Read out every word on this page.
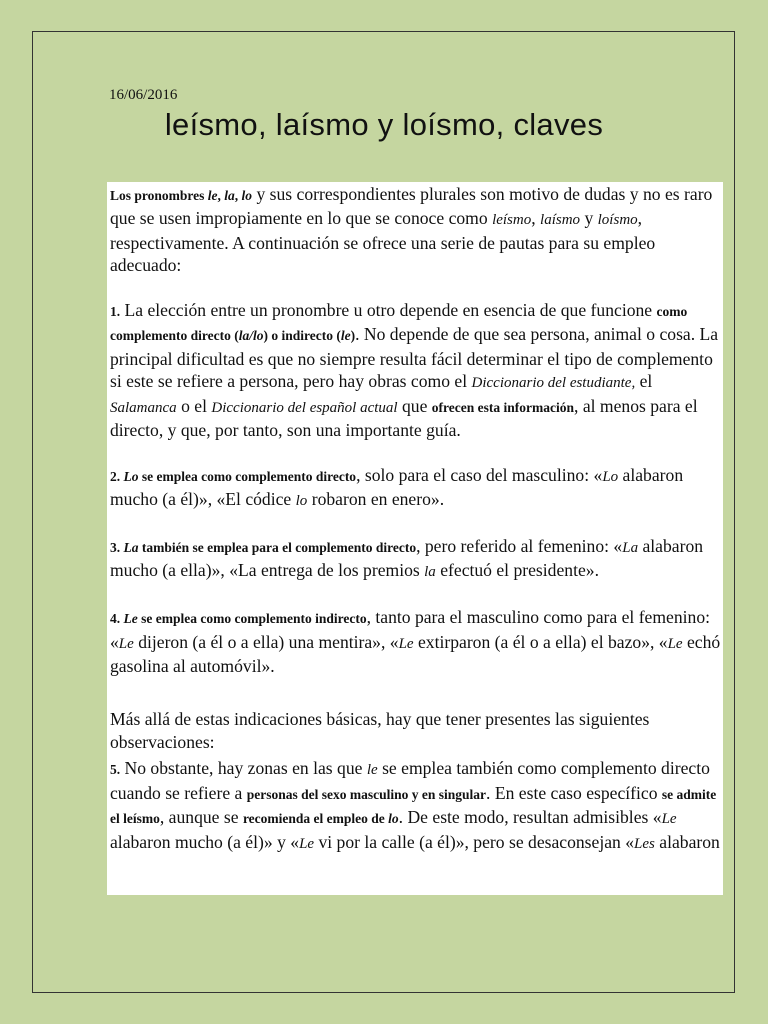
16/06/2016
leísmo, laísmo y loísmo, claves

Los pronombres le, la, lo y sus correspondientes plurales son motivo de dudas y no es raro que se usen impropiamente en lo que se conoce como leísmo, laísmo y loísmo, respectivamente. A continuación se ofrece una serie de pautas para su empleo adecuado:

1. La elección entre un pronombre u otro depende en esencia de que funcione como complemento directo (la/lo) o indirecto (le). No depende de que sea persona, animal o cosa. La principal dificultad es que no siempre resulta fácil determinar el tipo de complemento si este se refiere a persona, pero hay obras como el Diccionario del estudiante, el Salamanca o el Diccionario del español actual que ofrecen esta información, al menos para el directo, y que, por tanto, son una importante guía.

2. Lo se emplea como complemento directo, solo para el caso del masculino: «Lo alabaron mucho (a él)», «El códice lo robaron en enero».

3. La también se emplea para el complemento directo, pero referido al femenino: «La alabaron mucho (a ella)», «La entrega de los premios la efectuó el presidente».

4. Le se emplea como complemento indirecto, tanto para el masculino como para el femenino: «Le dijeron (a él o a ella) una mentira», «Le extirparon (a él o a ella) el bazo», «Le echó gasolina al automóvil».

Más allá de estas indicaciones básicas, hay que tener presentes las siguientes observaciones:

5. No obstante, hay zonas en las que le se emplea también como complemento directo cuando se refiere a personas del sexo masculino y en singular. En este caso específico se admite el leísmo, aunque se recomienda el empleo de lo. De este modo, resultan admisibles «Le alabaron mucho (a él)» y «Le vi por la calle (a él)», pero se desaconsejan «Les alabaron
